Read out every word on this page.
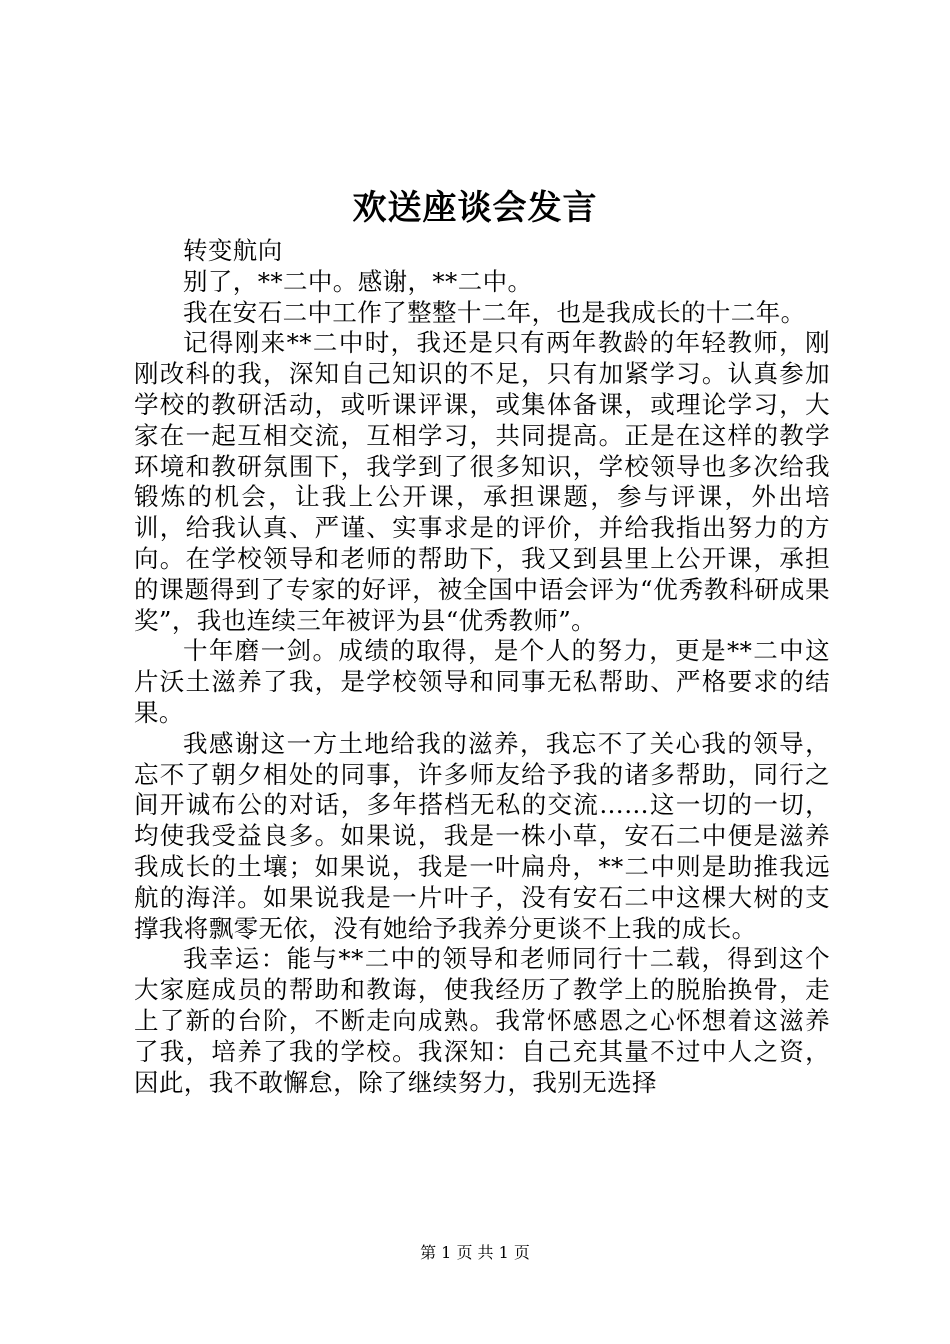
欢送座谈会发言

转变航向

别了，**二中。感谢，**二中。

我在安石二中工作了整整十二年，也是我成长的十二年。

记得刚来**二中时，我还是只有两年教龄的年轻教师，刚刚改科的我，深知自己知识的不足，只有加紧学习。认真参加学校的教研活动，或听课评课，或集体备课，或理论学习，大家在一起互相交流，互相学习，共同提高。正是在这样的教学环境和教研氛围下，我学到了很多知识，学校领导也多次给我锻炼的机会，让我上公开课，承担课题，参与评课，外出培训，给我认真、严谨、实事求是的评价，并给我指出努力的方向。在学校领导和老师的帮助下，我又到县里上公开课，承担的课题得到了专家的好评，被全国中语会评为“优秀教科研成果奖”，我也连续三年被评为县“优秀教师”。

十年磨一剑。成绩的取得，是个人的努力，更是**二中这片沃土滋养了我，是学校领导和同事无私帮助、严格要求的结果。

我感谢这一方土地给我的滋养，我忘不了关心我的领导，忘不了朝夕相处的同事，许多师友给予我的诸多帮助，同行之间开诚布公的对话，多年搭档无私的交流……这一切的一切，均使我受益良多。如果说，我是一株小草，安石二中便是滋养我成长的土壤；如果说，我是一叶扁舟，**二中则是助推我远航的海洋。如果说我是一片叶子，没有安石二中这棵大树的支撑我将飘零无依，没有她给予我养分更谈不上我的成长。

我幸运：能与**二中的领导和老师同行十二载，得到这个大家庭成员的帮助和教诲，使我经历了教学上的脱胎换骨，走上了新的台阶，不断走向成熟。我常怀感恩之心怀想着这滋养了我，培养了我的学校。我深知：自己充其量不过中人之资，因此，我不敢懈怠，除了继续努力，我别无选择

第 1 页 共 1 页
